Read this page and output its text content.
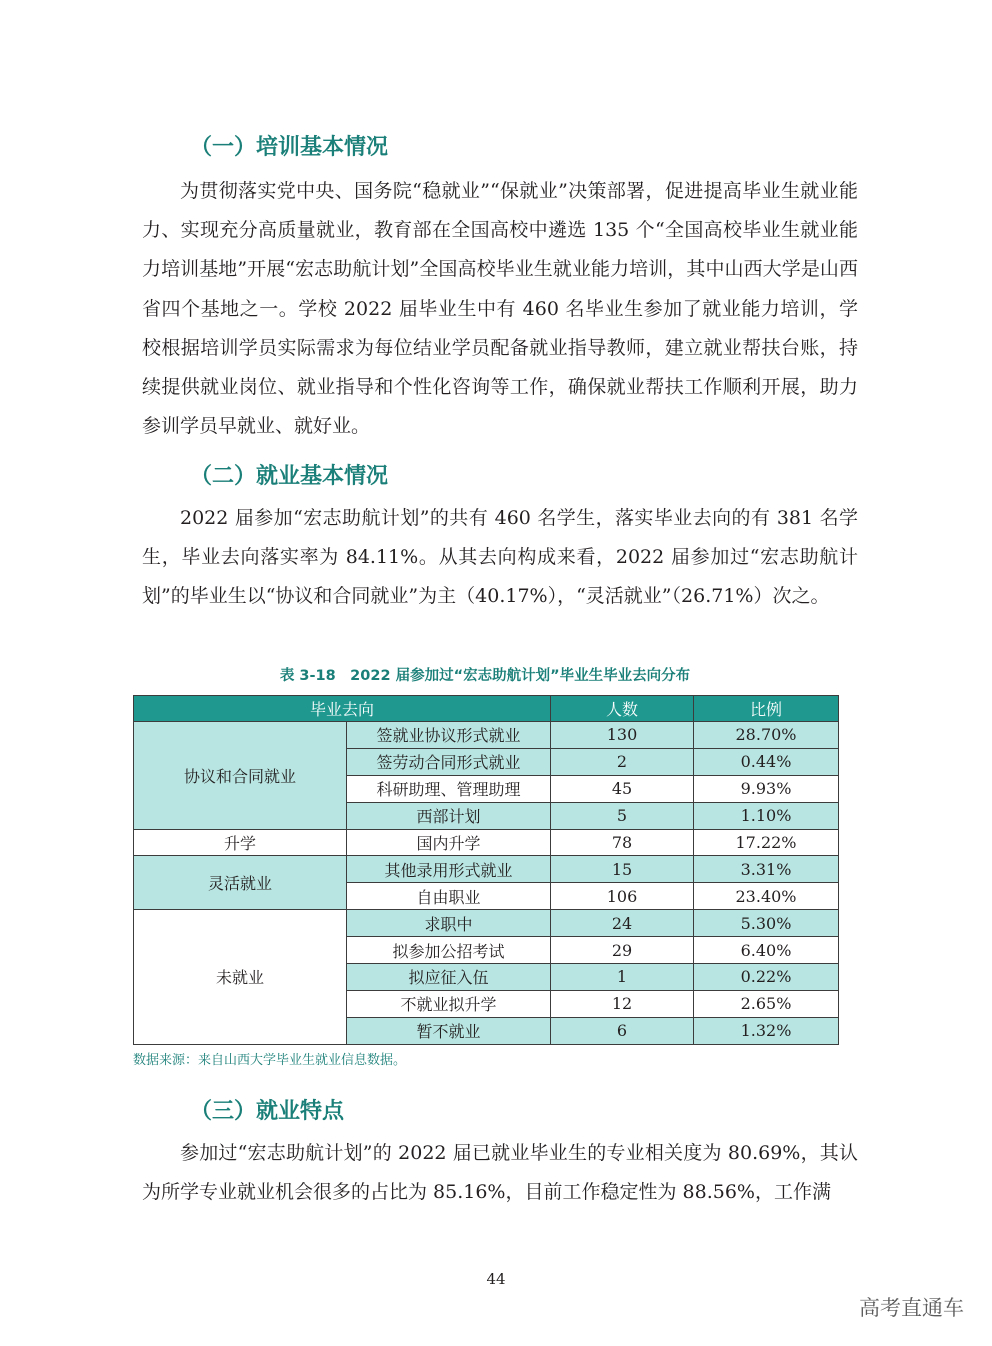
（一）培训基本情况

为贯彻落实党中央、国务院“稳就业”“保就业”决策部署，促进提高毕业生就业能力、实现充分高质量就业，教育部在全国高校中遴选 135 个“全国高校毕业生就业能力培训基地”开展“宏志助航计划”全国高校毕业生就业能力培训，其中山西大学是山西省四个基地之一。学校 2022 届毕业生中有 460 名毕业生参加了就业能力培训，学校根据培训学员实际需求为每位结业学员配备就业指导教师，建立就业帮扶台账，持续提供就业岗位、就业指导和个性化咨询等工作，确保就业帮扶工作顺利开展，助力参训学员早就业、就好业。

（二）就业基本情况

2022 届参加“宏志助航计划”的共有 460 名学生，落实毕业去向的有 381 名学生，毕业去向落实率为 84.11%。从其去向构成来看，2022 届参加过“宏志助航计划”的毕业生以“协议和合同就业”为主（40.17%），“灵活就业”（26.71%）次之。

表 3-18　2022 届参加过“宏志助航计划”毕业生毕业去向分布
毕业去向		人数	比例
协议和合同就业	签就业协议形式就业	130	28.70%
	签劳动合同形式就业	2	0.44%
	科研助理、管理助理	45	9.93%
	西部计划	5	1.10%
升学	国内升学	78	17.22%
灵活就业	其他录用形式就业	15	3.31%
	自由职业	106	23.40%
未就业	求职中	24	5.30%
	拟参加公招考试	29	6.40%
	拟应征入伍	1	0.22%
	不就业拟升学	12	2.65%
	暂不就业	6	1.32%
数据来源：来自山西大学毕业生就业信息数据。
（三）就业特点

参加过“宏志助航计划”的 2022 届已就业毕业生的专业相关度为 80.69%，其认为所学专业就业机会很多的占比为 85.16%，目前工作稳定性为 88.56%，工作满

44
高考直通车
